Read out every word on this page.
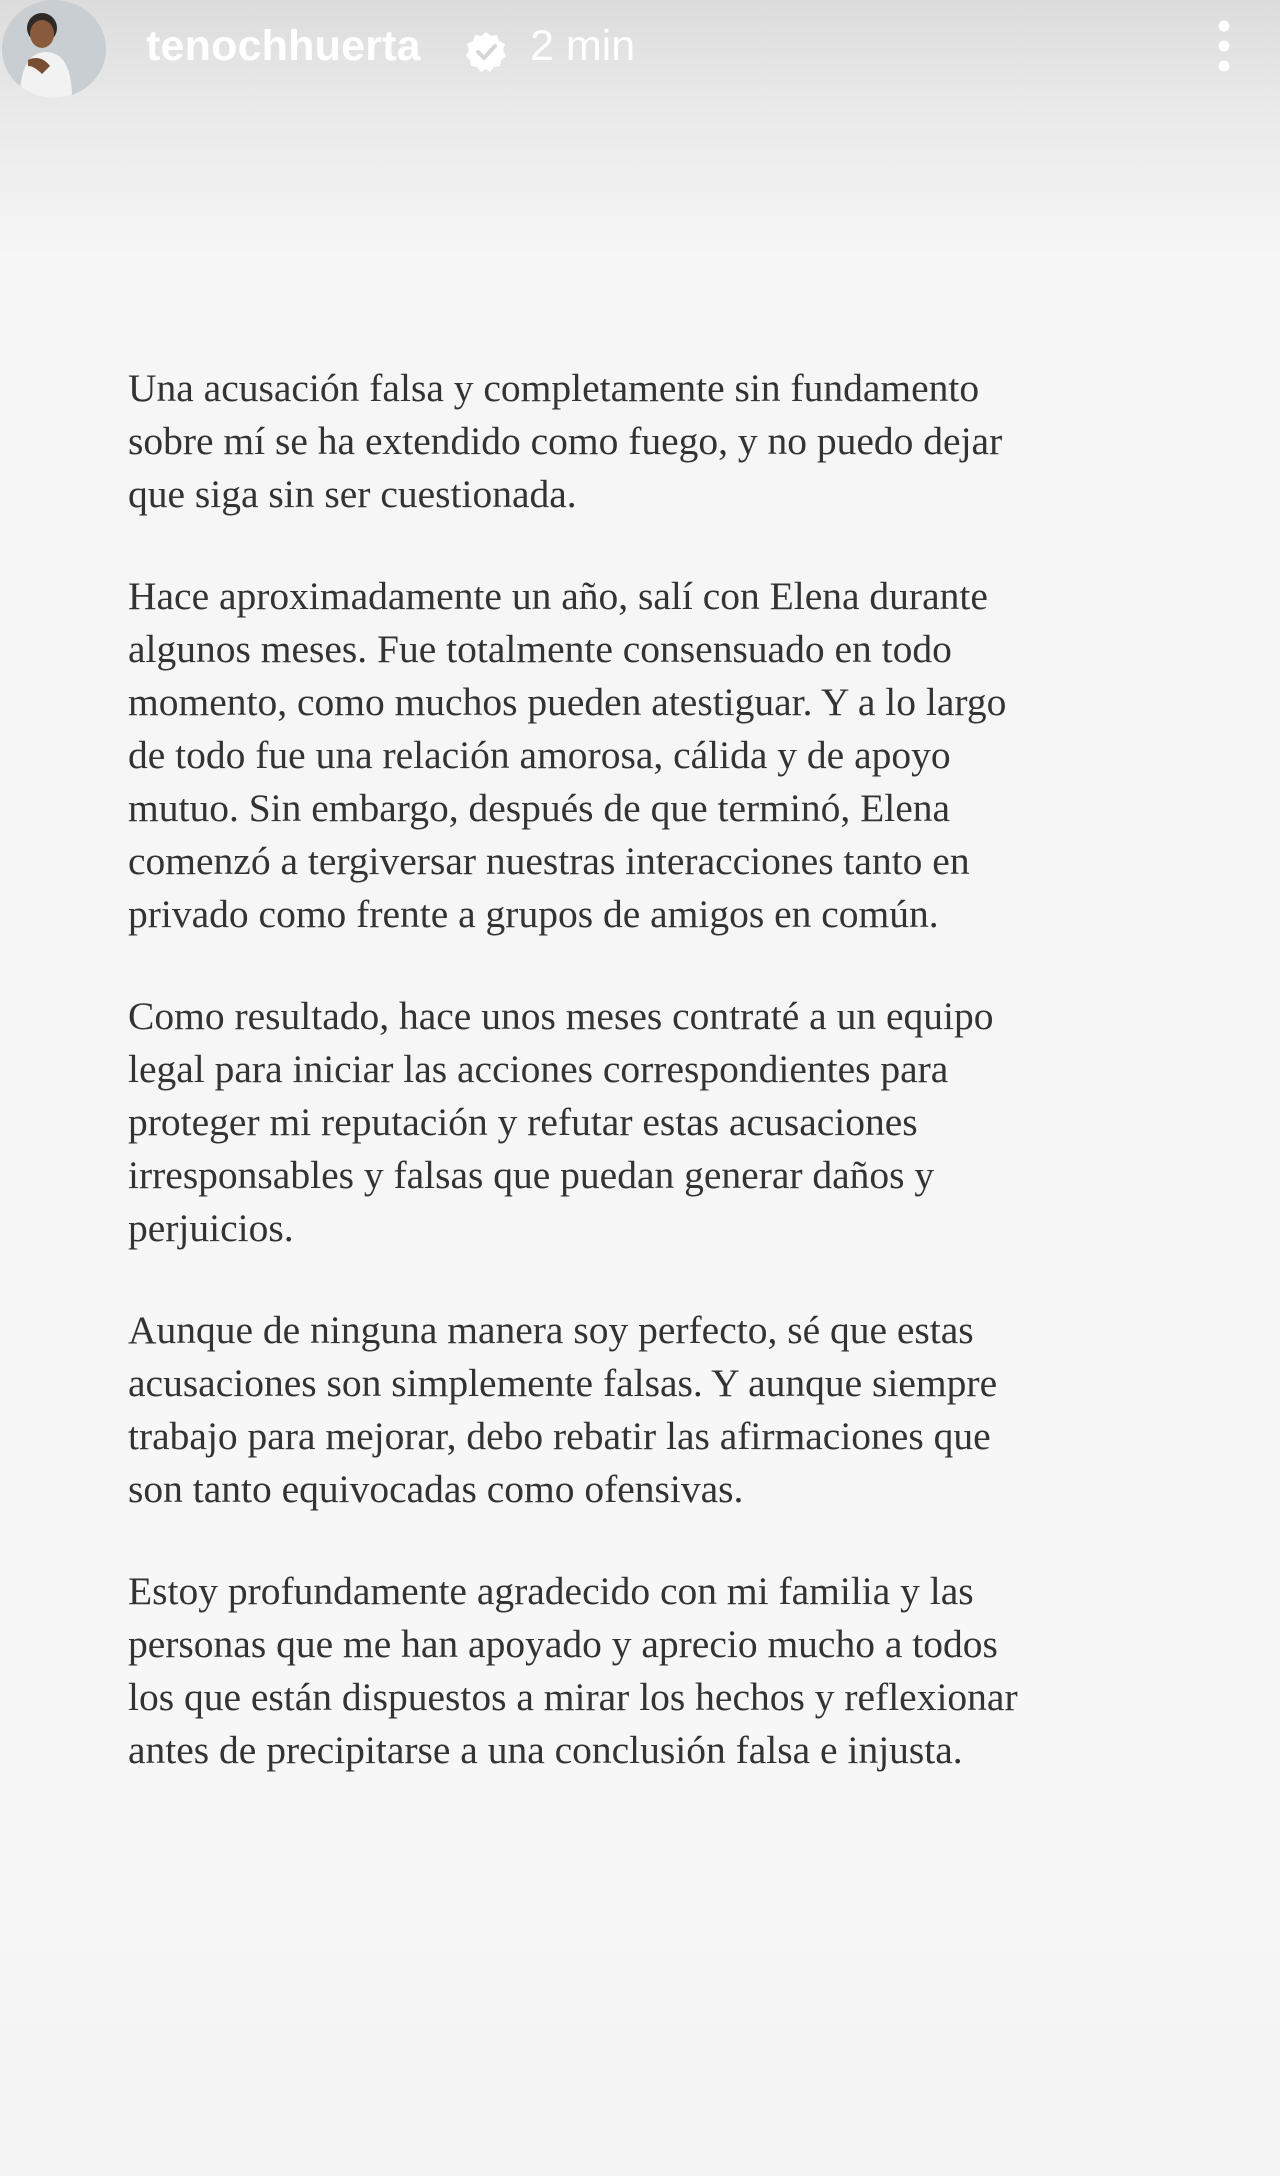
tenochhuerta	2 min

Una acusación falsa y completamente sin fundamento
sobre mí se ha extendido como fuego, y no puedo dejar
que siga sin ser cuestionada.

Hace aproximadamente un año, salí con Elena durante
algunos meses. Fue totalmente consensuado en todo
momento, como muchos pueden atestiguar. Y a lo largo
de todo fue una relación amorosa, cálida y de apoyo
mutuo. Sin embargo, después de que terminó, Elena
comenzó a tergiversar nuestras interacciones tanto en
privado como frente a grupos de amigos en común.

Como resultado, hace unos meses contraté a un equipo
legal para iniciar las acciones correspondientes para
proteger mi reputación y refutar estas acusaciones
irresponsables y falsas que puedan generar daños y
perjuicios.

Aunque de ninguna manera soy perfecto, sé que estas
acusaciones son simplemente falsas. Y aunque siempre
trabajo para mejorar, debo rebatir las afirmaciones que
son tanto equivocadas como ofensivas.

Estoy profundamente agradecido con mi familia y las
personas que me han apoyado y aprecio mucho a todos
los que están dispuestos a mirar los hechos y reflexionar
antes de precipitarse a una conclusión falsa e injusta.
